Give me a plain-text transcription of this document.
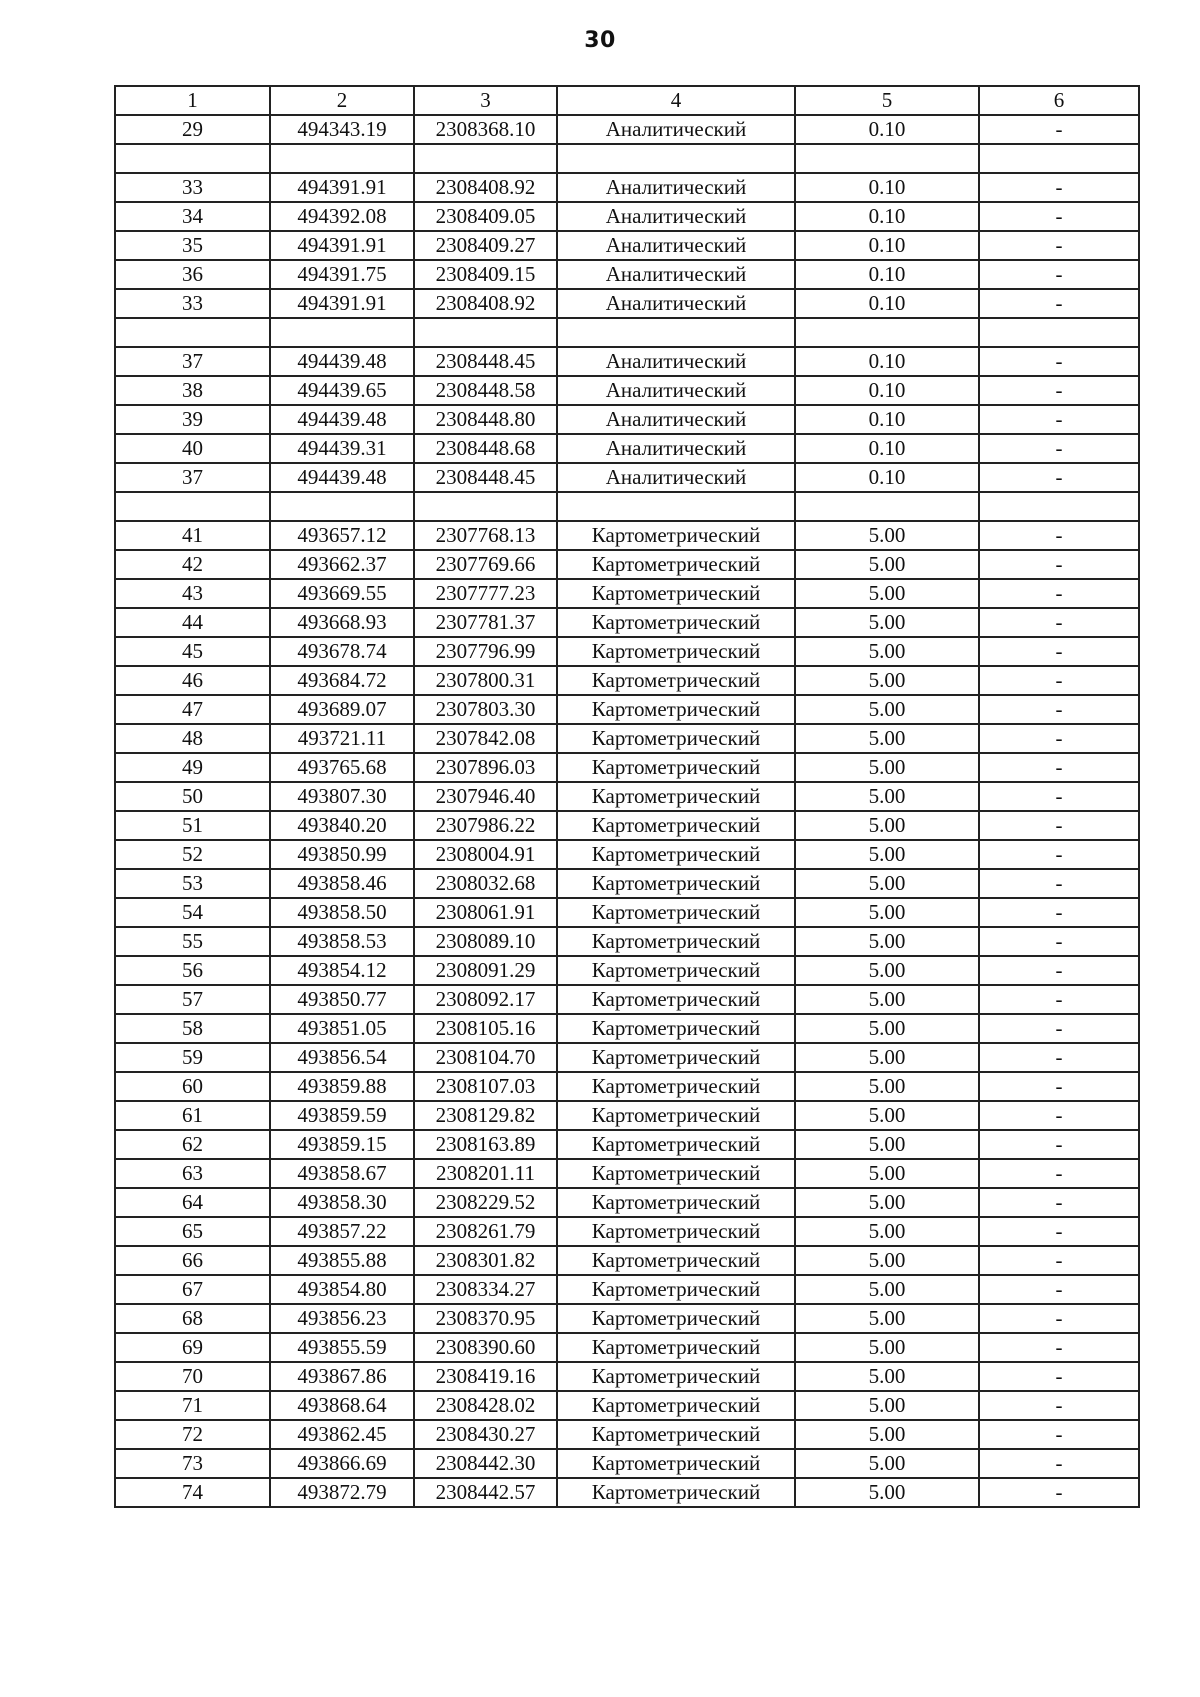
30
1	2	3	4	5	6
29	494343.19	2308368.10	Аналитический	0.10	-

33	494391.91	2308408.92	Аналитический	0.10	-
34	494392.08	2308409.05	Аналитический	0.10	-
35	494391.91	2308409.27	Аналитический	0.10	-
36	494391.75	2308409.15	Аналитический	0.10	-
33	494391.91	2308408.92	Аналитический	0.10	-

37	494439.48	2308448.45	Аналитический	0.10	-
38	494439.65	2308448.58	Аналитический	0.10	-
39	494439.48	2308448.80	Аналитический	0.10	-
40	494439.31	2308448.68	Аналитический	0.10	-
37	494439.48	2308448.45	Аналитический	0.10	-

41	493657.12	2307768.13	Картометрический	5.00	-
42	493662.37	2307769.66	Картометрический	5.00	-
43	493669.55	2307777.23	Картометрический	5.00	-
44	493668.93	2307781.37	Картометрический	5.00	-
45	493678.74	2307796.99	Картометрический	5.00	-
46	493684.72	2307800.31	Картометрический	5.00	-
47	493689.07	2307803.30	Картометрический	5.00	-
48	493721.11	2307842.08	Картометрический	5.00	-
49	493765.68	2307896.03	Картометрический	5.00	-
50	493807.30	2307946.40	Картометрический	5.00	-
51	493840.20	2307986.22	Картометрический	5.00	-
52	493850.99	2308004.91	Картометрический	5.00	-
53	493858.46	2308032.68	Картометрический	5.00	-
54	493858.50	2308061.91	Картометрический	5.00	-
55	493858.53	2308089.10	Картометрический	5.00	-
56	493854.12	2308091.29	Картометрический	5.00	-
57	493850.77	2308092.17	Картометрический	5.00	-
58	493851.05	2308105.16	Картометрический	5.00	-
59	493856.54	2308104.70	Картометрический	5.00	-
60	493859.88	2308107.03	Картометрический	5.00	-
61	493859.59	2308129.82	Картометрический	5.00	-
62	493859.15	2308163.89	Картометрический	5.00	-
63	493858.67	2308201.11	Картометрический	5.00	-
64	493858.30	2308229.52	Картометрический	5.00	-
65	493857.22	2308261.79	Картометрический	5.00	-
66	493855.88	2308301.82	Картометрический	5.00	-
67	493854.80	2308334.27	Картометрический	5.00	-
68	493856.23	2308370.95	Картометрический	5.00	-
69	493855.59	2308390.60	Картометрический	5.00	-
70	493867.86	2308419.16	Картометрический	5.00	-
71	493868.64	2308428.02	Картометрический	5.00	-
72	493862.45	2308430.27	Картометрический	5.00	-
73	493866.69	2308442.30	Картометрический	5.00	-
74	493872.79	2308442.57	Картометрический	5.00	-
